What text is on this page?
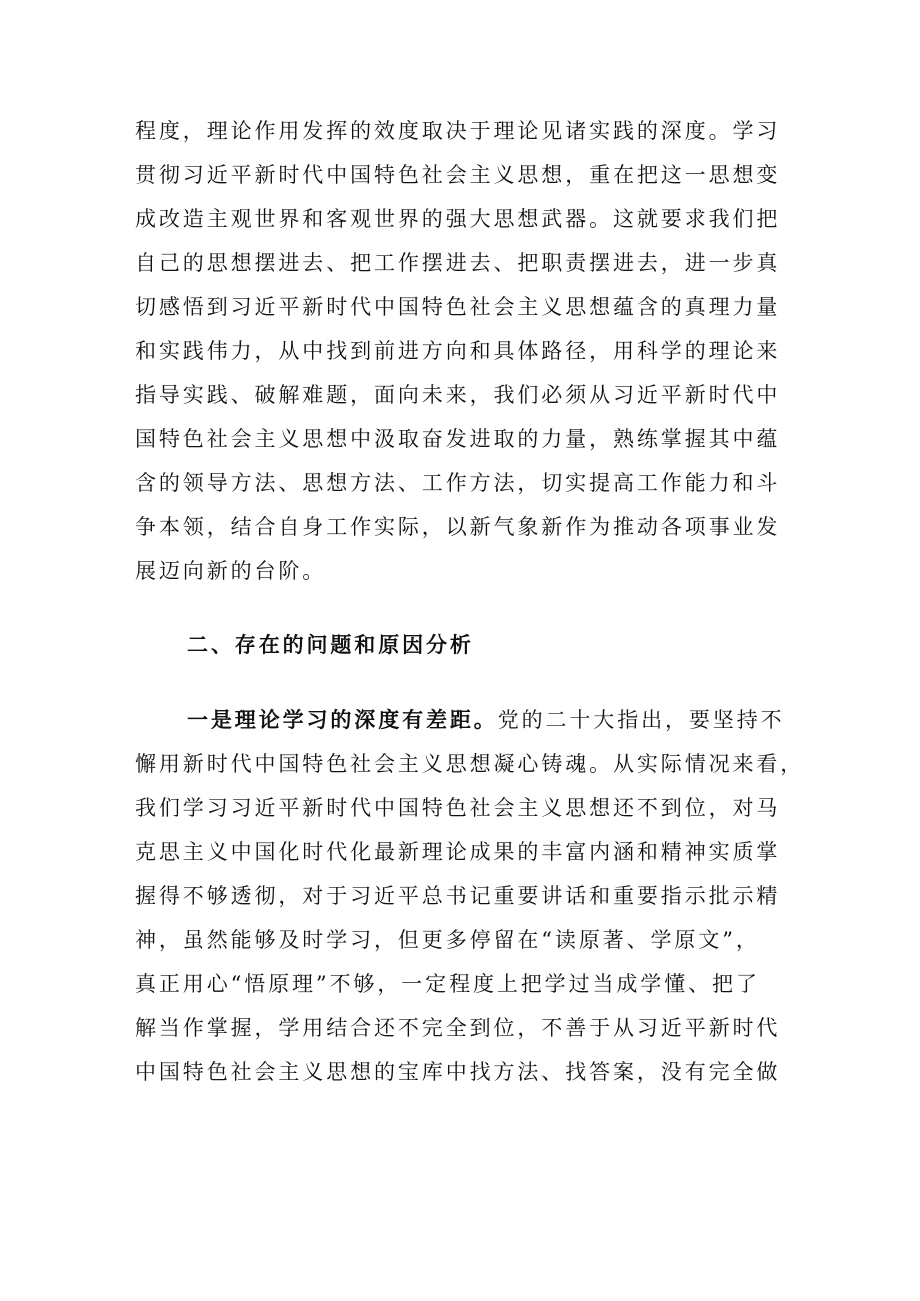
程度，理论作用发挥的效度取决于理论见诸实践的深度。学习
贯彻习近平新时代中国特色社会主义思想，重在把这一思想变
成改造主观世界和客观世界的强大思想武器。这就要求我们把
自己的思想摆进去、把工作摆进去、把职责摆进去，进一步真
切感悟到习近平新时代中国特色社会主义思想蕴含的真理力量
和实践伟力，从中找到前进方向和具体路径，用科学的理论来
指导实践、破解难题，面向未来，我们必须从习近平新时代中
国特色社会主义思想中汲取奋发进取的力量，熟练掌握其中蕴
含的领导方法、思想方法、工作方法，切实提高工作能力和斗
争本领，结合自身工作实际，以新气象新作为推动各项事业发
展迈向新的台阶。
二、存在的问题和原因分析
一是理论学习的深度有差距。党的二十大指出，要坚持不
懈用新时代中国特色社会主义思想凝心铸魂。从实际情况来看，
我们学习习近平新时代中国特色社会主义思想还不到位，对马
克思主义中国化时代化最新理论成果的丰富内涵和精神实质掌
握得不够透彻，对于习近平总书记重要讲话和重要指示批示精
神，虽然能够及时学习，但更多停留在“读原著、学原文”，
真正用心“悟原理”不够，一定程度上把学过当成学懂、把了
解当作掌握，学用结合还不完全到位，不善于从习近平新时代
中国特色社会主义思想的宝库中找方法、找答案，没有完全做
